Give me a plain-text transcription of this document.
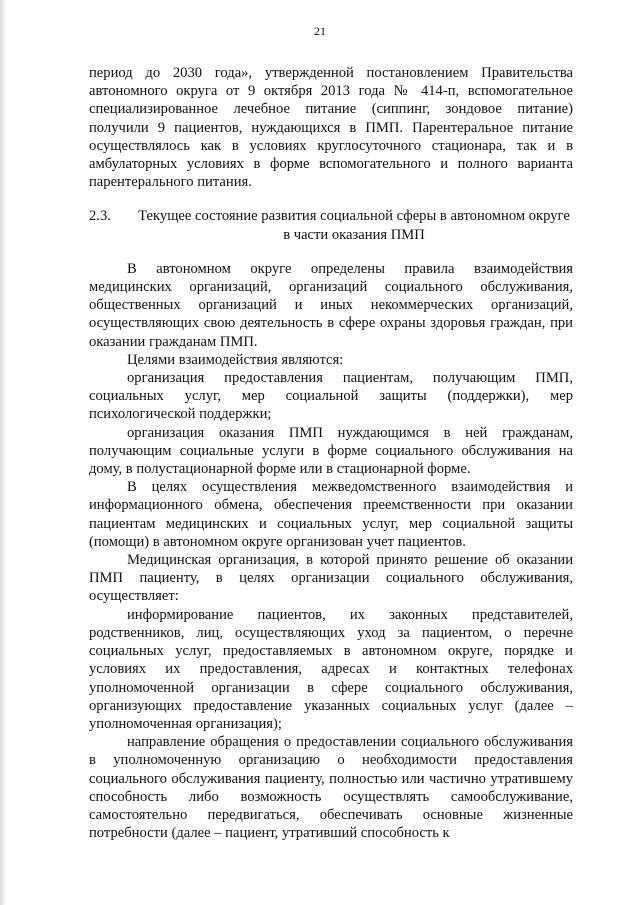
21

период до 2030 года», утвержденной постановлением Правительства автономного округа от 9 октября 2013 года № 414-п, вспомогательное специализированное лечебное питание (сиппинг, зондовое питание) получили 9 пациентов, нуждающихся в ПМП. Парентеральное питание осуществлялось как в условиях круглосуточного стационара, так и в амбулаторных условиях в форме вспомогательного и полного варианта парентерального питания.

2.3.	Текущее состояние развития социальной сферы в автономном округе в части оказания ПМП

В автономном округе определены правила взаимодействия медицинских организаций, организаций социального обслуживания, общественных организаций и иных некоммерческих организаций, осуществляющих свою деятельность в сфере охраны здоровья граждан, при оказании гражданам ПМП.

Целями взаимодействия являются:

организация предоставления пациентам, получающим ПМП, социальных услуг, мер социальной защиты (поддержки), мер психологической поддержки;

организация оказания ПМП нуждающимся в ней гражданам, получающим социальные услуги в форме социального обслуживания на дому, в полустационарной форме или в стационарной форме.

В целях осуществления межведомственного взаимодействия и информационного обмена, обеспечения преемственности при оказании пациентам медицинских и социальных услуг, мер социальной защиты (помощи) в автономном округе организован учет пациентов.

Медицинская организация, в которой принято решение об оказании ПМП пациенту, в целях организации социального обслуживания, осуществляет:

информирование пациентов, их законных представителей, родственников, лиц, осуществляющих уход за пациентом, о перечне социальных услуг, предоставляемых в автономном округе, порядке и условиях их предоставления, адресах и контактных телефонах уполномоченной организации в сфере социального обслуживания, организующих предоставление указанных социальных услуг (далее – уполномоченная организация);

направление обращения о предоставлении социального обслуживания в уполномоченную организацию о необходимости предоставления социального обслуживания пациенту, полностью или частично утратившему способность либо возможность осуществлять самообслуживание, самостоятельно передвигаться, обеспечивать основные жизненные потребности (далее – пациент, утративший способность к
